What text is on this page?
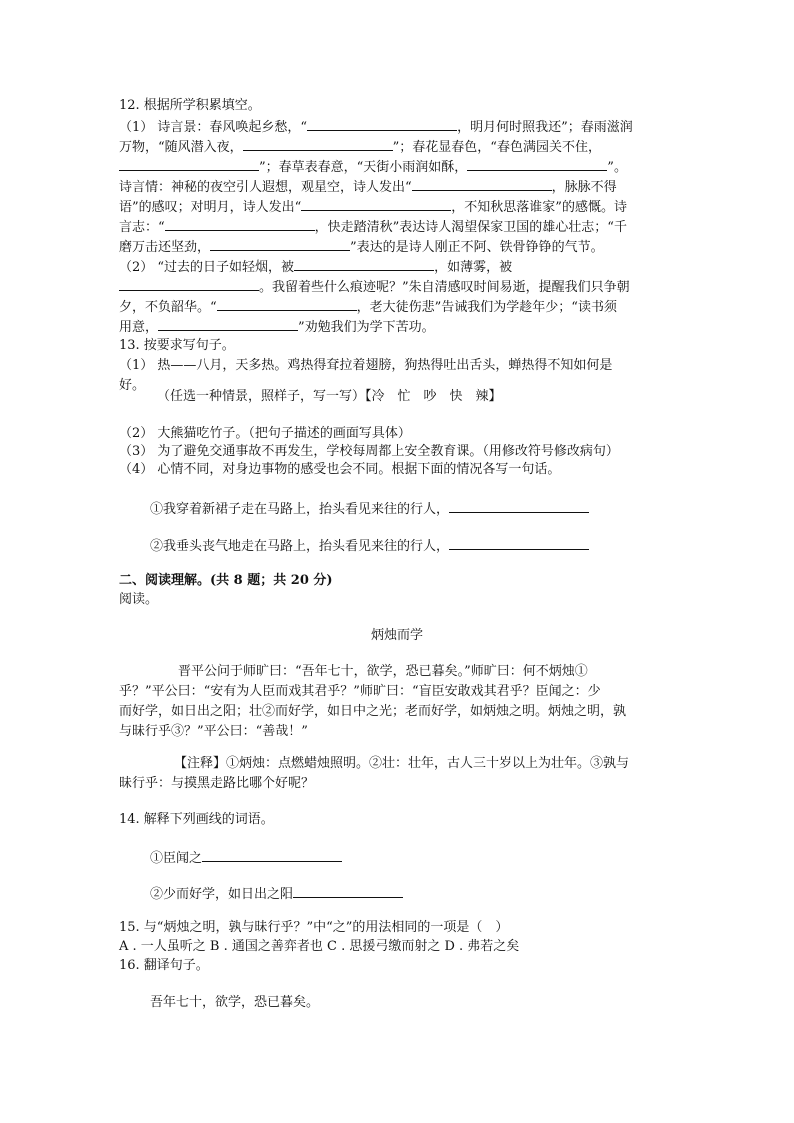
12. 根据所学积累填空。
（1） 诗言景：春风唤起乡愁，“	，明月何时照我还”；春雨滋润
万物，“随风潜入夜，	”；春花显春色，“春色满园关不住，
”；春草表春意，“天街小雨润如酥，	”。
诗言情：神秘的夜空引人遐想，观星空，诗人发出“	，脉脉不得
语”的感叹；对明月，诗人发出“	，不知秋思落谁家”的感慨。诗
言志：“	，快走踏清秋”表达诗人渴望保家卫国的雄心壮志；“千
磨万击还坚劲，	”表达的是诗人刚正不阿、铁骨铮铮的气节。
（2） “过去的日子如轻烟，被	，如薄雾，被
。我留着些什么痕迹呢？”朱自清感叹时间易逝，提醒我们只争朝
夕，不负韶华。“	，老大徒伤悲”告诫我们为学趁年少；“读书须
用意，	”劝勉我们为学下苦功。
13. 按要求写句子。
（1） 热——八月，天多热。鸡热得耷拉着翅膀，狗热得吐出舌头，蝉热得不知如何是
好。
（任选一种情景，照样子，写一写）【冷　忙　吵　快　辣】
（2） 大熊猫吃竹子。（把句子描述的画面写具体）
（3） 为了避免交通事故不再发生，学校每周都上安全教育课。（用修改符号修改病句）
（4） 心情不同，对身边事物的感受也会不同。根据下面的情况各写一句话。
①我穿着新裙子走在马路上，抬头看见来往的行人，
②我垂头丧气地走在马路上，抬头看见来往的行人，
二、阅读理解。(共 8 题；共 20 分)
阅读。
炳烛而学
晋平公问于师旷曰：“吾年七十，欲学，恐已暮矣。”师旷曰：何不炳烛①
乎？”平公曰：“安有为人臣而戏其君乎？”师旷曰：“盲臣安敢戏其君乎？臣闻之：少
而好学，如日出之阳；壮②而好学，如日中之光；老而好学，如炳烛之明。炳烛之明，孰
与昧行乎③？”平公曰：“善哉！”
【注释】①炳烛：点燃蜡烛照明。②壮：壮年，古人三十岁以上为壮年。③孰与
昧行乎：与摸黑走路比哪个好呢？
14. 解释下列画线的词语。
①臣闻之
②少而好学，如日出之阳
15. 与“炳烛之明，孰与昧行乎？”中“之”的用法相同的一项是（　）
A . 一人虽听之 B . 通国之善弈者也 C . 思援弓缴而射之 D . 弗若之矣
16. 翻译句子。
吾年七十，欲学，恐已暮矣。
